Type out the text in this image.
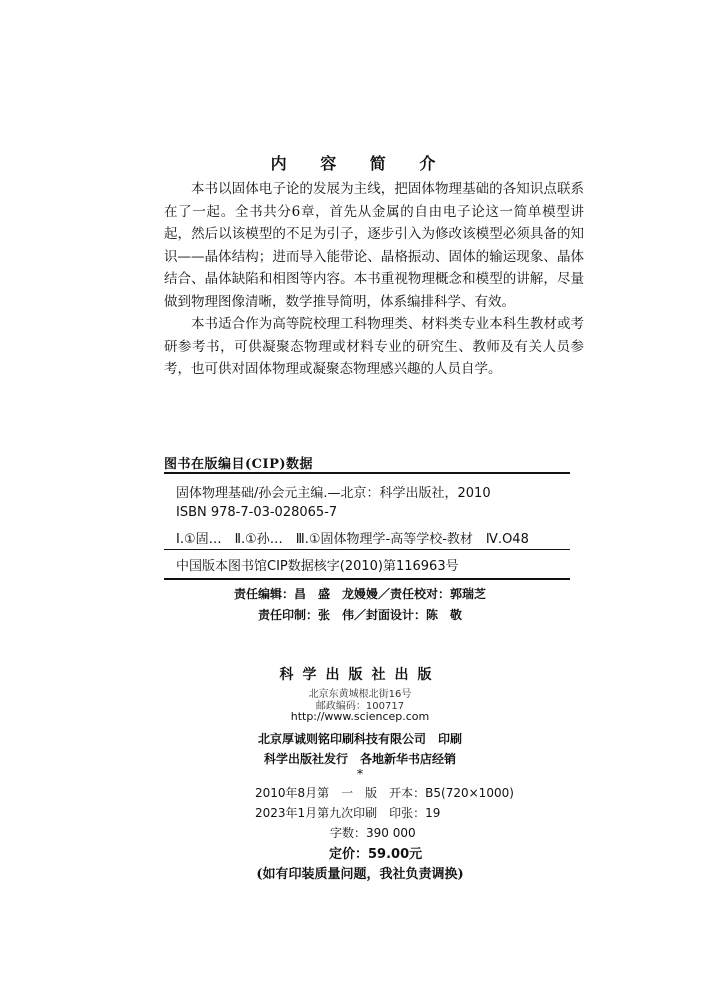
内 容 简 介

本书以固体电子论的发展为主线，把固体物理基础的各知识点联系在了一起。全书共分6章，首先从金属的自由电子论这一简单模型讲起，然后以该模型的不足为引子，逐步引入为修改该模型必须具备的知识——晶体结构；进而导入能带论、晶格振动、固体的输运现象、晶体结合、晶体缺陷和相图等内容。本书重视物理概念和模型的讲解，尽量做到物理图像清晰，数学推导简明，体系编排科学、有效。

本书适合作为高等院校理工科物理类、材料类专业本科生教材或考研参考书，可供凝聚态物理或材料专业的研究生、教师及有关人员参考，也可供对固体物理或凝聚态物理感兴趣的人员自学。

图书在版编目(CIP)数据
固体物理基础/孙会元主编.—北京：科学出版社，2010
ISBN 978-7-03-028065-7
Ⅰ.①固…　Ⅱ.①孙…　Ⅲ.①固体物理学-高等学校-教材　Ⅳ.O48
中国版本图书馆CIP数据核字(2010)第116963号
责任编辑：昌　盛　龙嫚嫚／责任校对：郭瑞芝
责任印制：张　伟／封面设计：陈　敬
科学出版社出版
北京东黄城根北街16号
邮政编码：100717
http://www.sciencep.com
北京厚诚则铭印刷科技有限公司　印刷
科学出版社发行　各地新华书店经销
*
2010年8月第　一　版　开本：B5(720×1000)
2023年1月第九次印刷　印张：19
字数：390 000
定价：59.00元
(如有印装质量问题，我社负责调换)
